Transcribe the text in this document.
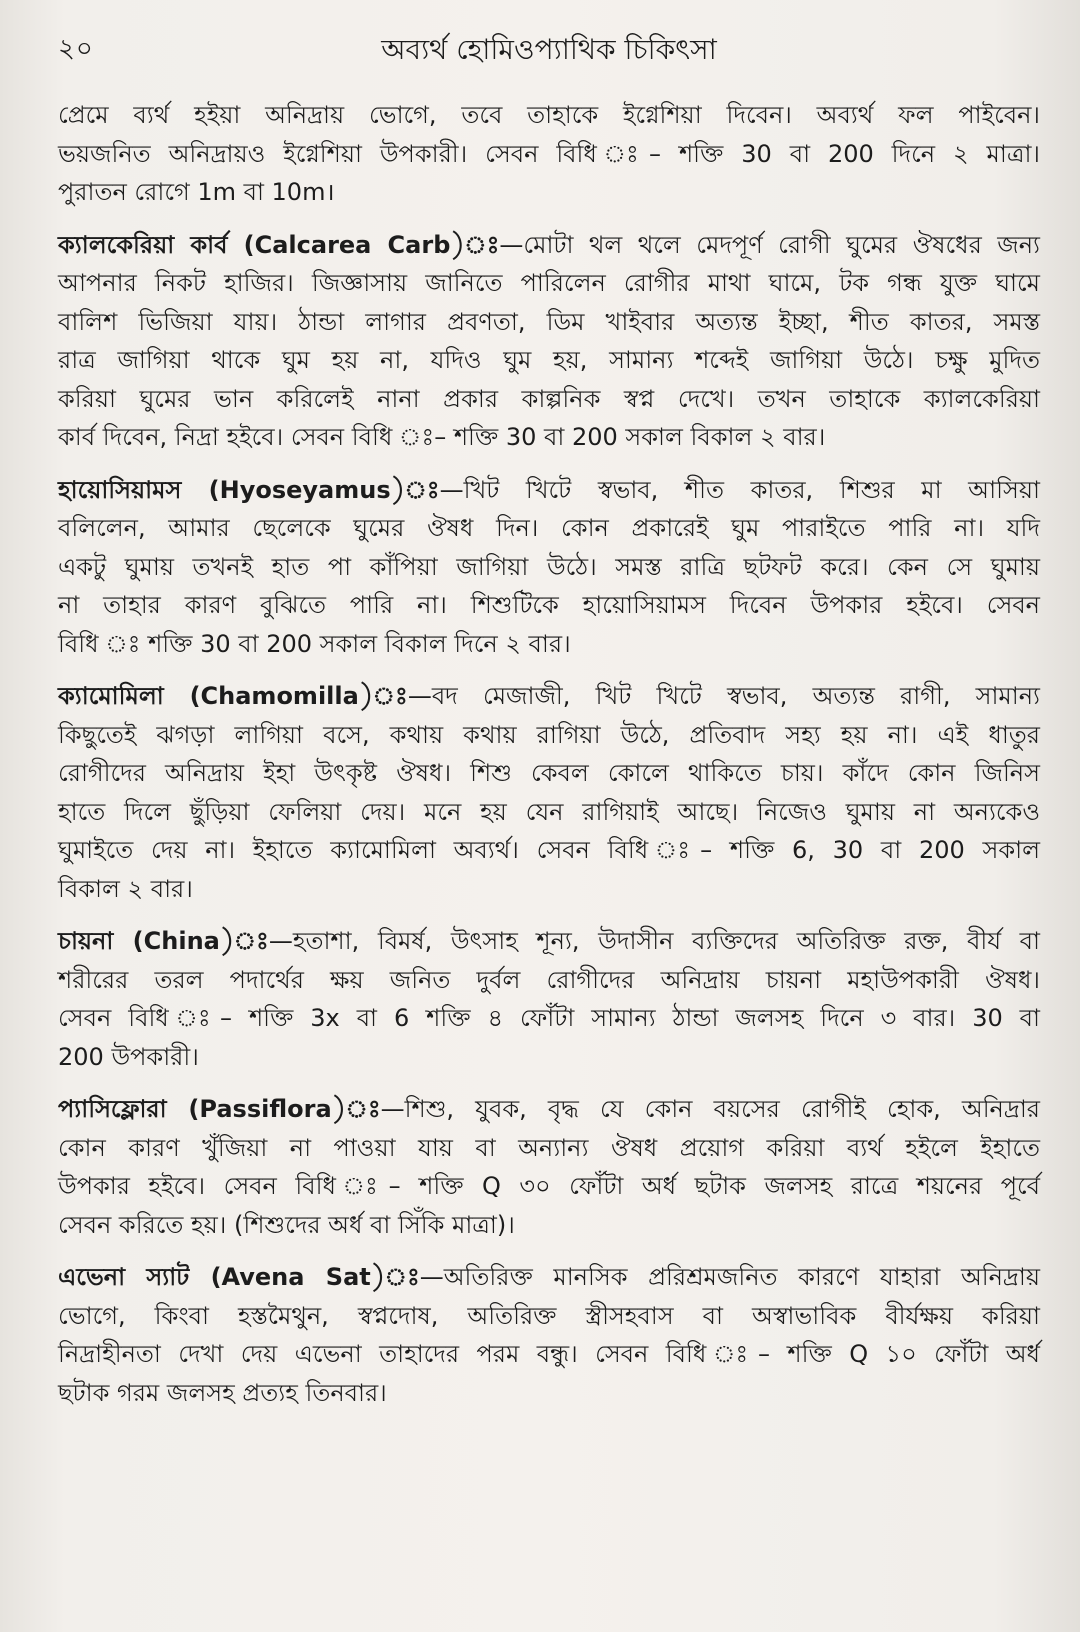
২০	অব্যর্থ হোমিওপ্যাথিক চিকিৎসা

প্রেমে ব্যর্থ হইয়া অনিদ্রায় ভোগে, তবে তাহাকে ইগ্নেশিয়া দিবেন। অব্যর্থ ফল পাইবেন।
ভয়জনিত অনিদ্রায়ও ইগ্নেশিয়া উপকারী। সেবন বিধি ঃ– শক্তি 30 বা 200 দিনে ২ মাত্রা।
পুরাতন রোগে 1m বা 10m।

ক্যালকেরিয়া কার্ব (Calcarea Carb)ঃ—মোটা থল থলে মেদপূর্ণ রোগী ঘুমের ঔষধের জন্য
আপনার নিকট হাজির। জিজ্ঞাসায় জানিতে পারিলেন রোগীর মাথা ঘামে, টক গন্ধ যুক্ত ঘামে
বালিশ ভিজিয়া যায়। ঠান্ডা লাগার প্রবণতা, ডিম খাইবার অত্যন্ত ইচ্ছা, শীত কাতর, সমস্ত
রাত্র জাগিয়া থাকে ঘুম হয় না, যদিও ঘুম হয়, সামান্য শব্দেই জাগিয়া উঠে। চক্ষু মুদিত
করিয়া ঘুমের ভান করিলেই নানা প্রকার কাল্পনিক স্বপ্ন দেখে। তখন তাহাকে ক্যালকেরিয়া
কার্ব দিবেন, নিদ্রা হইবে। সেবন বিধি ঃ– শক্তি 30 বা 200 সকাল বিকাল ২ বার।

হায়োসিয়ামস (Hyoseyamus)ঃ—খিট খিটে স্বভাব, শীত কাতর, শিশুর মা আসিয়া
বলিলেন, আমার ছেলেকে ঘুমের ঔষধ দিন। কোন প্রকারেই ঘুম পারাইতে পারি না। যদি
একটু ঘুমায় তখনই হাত পা কাঁপিয়া জাগিয়া উঠে। সমস্ত রাত্রি ছটফট করে। কেন সে ঘুমায়
না তাহার কারণ বুঝিতে পারি না। শিশুটিকে হায়োসিয়ামস দিবেন উপকার হইবে। সেবন
বিধি ঃ শক্তি 30 বা 200 সকাল বিকাল দিনে ২ বার।

ক্যামোমিলা (Chamomilla)ঃ—বদ মেজাজী, খিট খিটে স্বভাব, অত্যন্ত রাগী, সামান্য
কিছুতেই ঝগড়া লাগিয়া বসে, কথায় কথায় রাগিয়া উঠে, প্রতিবাদ সহ্য হয় না। এই ধাতুর
রোগীদের অনিদ্রায় ইহা উৎকৃষ্ট ঔষধ। শিশু কেবল কোলে থাকিতে চায়। কাঁদে কোন জিনিস
হাতে দিলে ছুঁড়িয়া ফেলিয়া দেয়। মনে হয় যেন রাগিয়াই আছে। নিজেও ঘুমায় না অন্যকেও
ঘুমাইতে দেয় না। ইহাতে ক্যামোমিলা অব্যর্থ। সেবন বিধি ঃ– শক্তি 6, 30 বা 200 সকাল
বিকাল ২ বার।

চায়না (China)ঃ—হতাশা, বিমর্ষ, উৎসাহ শূন্য, উদাসীন ব্যক্তিদের অতিরিক্ত রক্ত, বীর্য বা
শরীরের তরল পদার্থের ক্ষয় জনিত দুর্বল রোগীদের অনিদ্রায় চায়না মহাউপকারী ঔষধ।
সেবন বিধি ঃ– শক্তি 3x বা 6 শক্তি ৪ ফোঁটা সামান্য ঠান্ডা জলসহ দিনে ৩ বার। 30 বা
200 উপকারী।

প্যাসিফ্লোরা (Passiflora)ঃ—শিশু, যুবক, বৃদ্ধ যে কোন বয়সের রোগীই হোক, অনিদ্রার
কোন কারণ খুঁজিয়া না পাওয়া যায় বা অন্যান্য ঔষধ প্রয়োগ করিয়া ব্যর্থ হইলে ইহাতে
উপকার হইবে। সেবন বিধি ঃ– শক্তি Q ৩০ ফোঁটা অর্ধ ছটাক জলসহ রাত্রে শয়নের পূর্বে
সেবন করিতে হয়। (শিশুদের অর্ধ বা সিঁকি মাত্রা)।

এভেনা স্যাট (Avena Sat)ঃ—অতিরিক্ত মানসিক প্ররিশ্রমজনিত কারণে যাহারা অনিদ্রায়
ভোগে, কিংবা হস্তমৈথুন, স্বপ্নদোষ, অতিরিক্ত স্ত্রীসহবাস বা অস্বাভাবিক বীর্যক্ষয় করিয়া
নিদ্রাহীনতা দেখা দেয় এভেনা তাহাদের পরম বন্ধু। সেবন বিধি ঃ– শক্তি Q ১০ ফোঁটা অর্ধ
ছটাক গরম জলসহ প্রত্যহ তিনবার।
